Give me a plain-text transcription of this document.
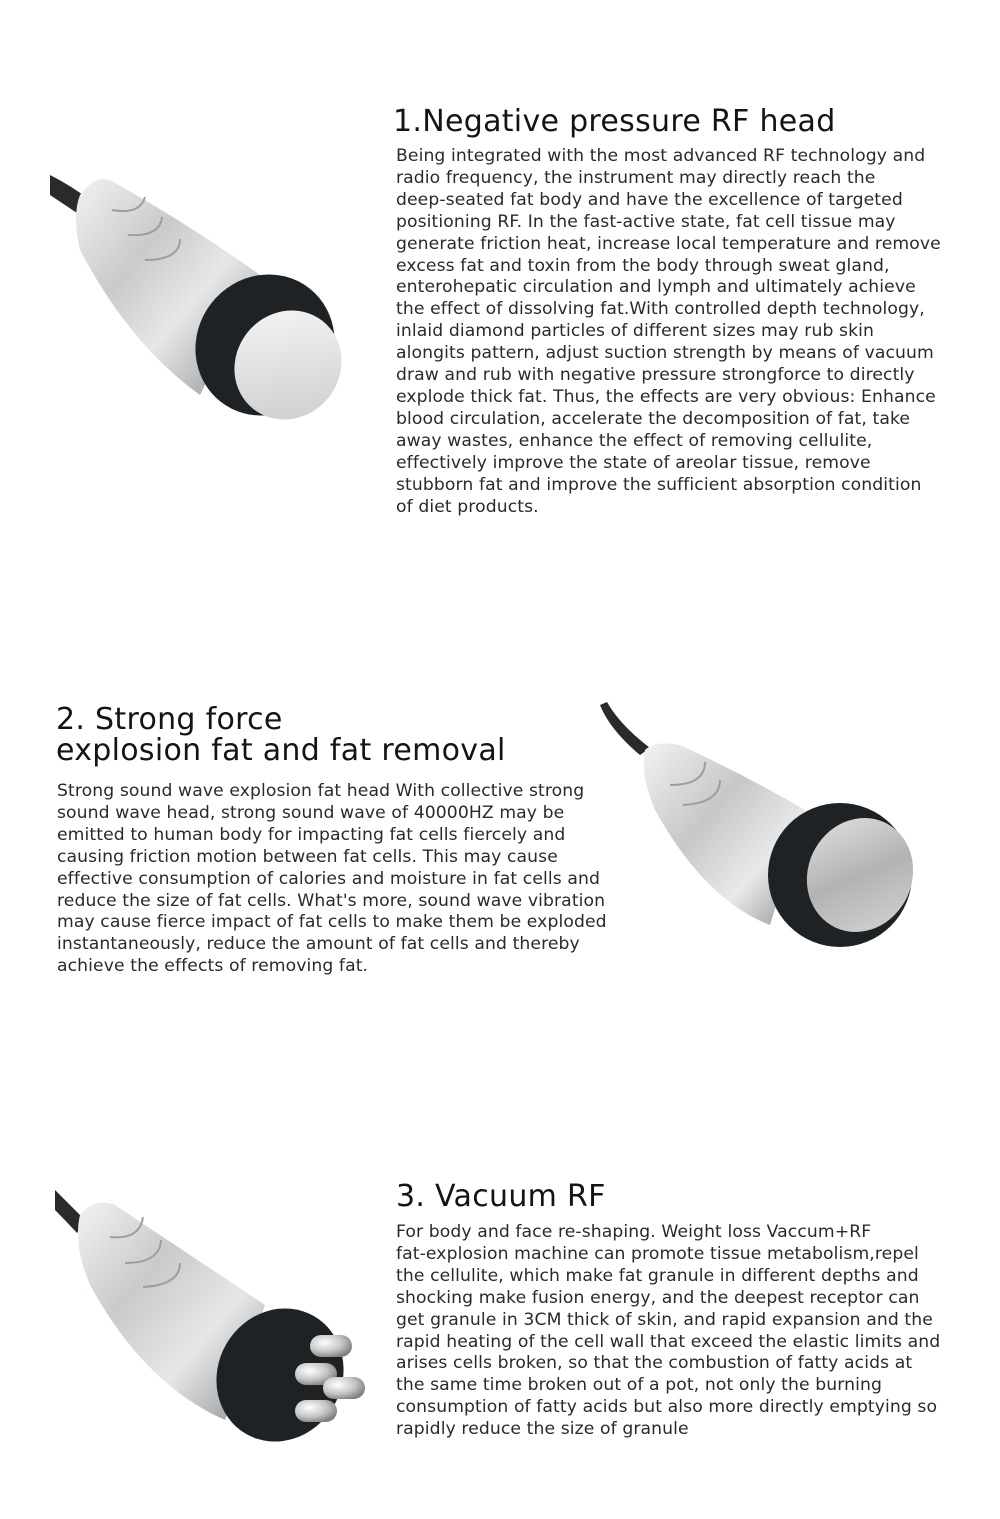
1.Negative pressure RF head

Being integrated with the most advanced RF technology and
radio frequency, the instrument may directly reach the
deep-seated fat body and have the excellence of targeted
positioning RF. In the fast-active state, fat cell tissue may
generate friction heat, increase local temperature and remove
excess fat and toxin from the body through sweat gland,
enterohepatic circulation and lymph and ultimately achieve
the effect of dissolving fat.With controlled depth technology,
inlaid diamond particles of different sizes may rub skin
alongits pattern, adjust suction strength by means of vacuum
draw and rub with negative pressure strongforce to directly
explode thick fat. Thus, the effects are very obvious: Enhance
blood circulation, accelerate the decomposition of fat, take
away wastes, enhance the effect of removing cellulite,
effectively improve the state of areolar tissue, remove
stubborn fat and improve the sufficient absorption condition
of diet products.

2. Strong force
explosion fat and fat removal

Strong sound wave explosion fat head With collective strong
sound wave head, strong sound wave of 40000HZ may be
emitted to human body for impacting fat cells fiercely and
causing friction motion between fat cells. This may cause
effective consumption of calories and moisture in fat cells and
reduce the size of fat cells. What's more, sound wave vibration
may cause fierce impact of fat cells to make them be exploded
instantaneously, reduce the amount of fat cells and thereby
achieve the effects of removing fat.

3. Vacuum RF

For body and face re-shaping. Weight loss Vaccum+RF
fat-explosion machine can promote tissue metabolism,repel
the cellulite, which make fat granule in different depths and
shocking make fusion energy, and the deepest receptor can
get granule in 3CM thick of skin, and rapid expansion and the
rapid heating of the cell wall that exceed the elastic limits and
arises cells broken, so that the combustion of fatty acids at
the same time broken out of a pot, not only the burning
consumption of fatty acids but also more directly emptying so
rapidly reduce the size of granule
